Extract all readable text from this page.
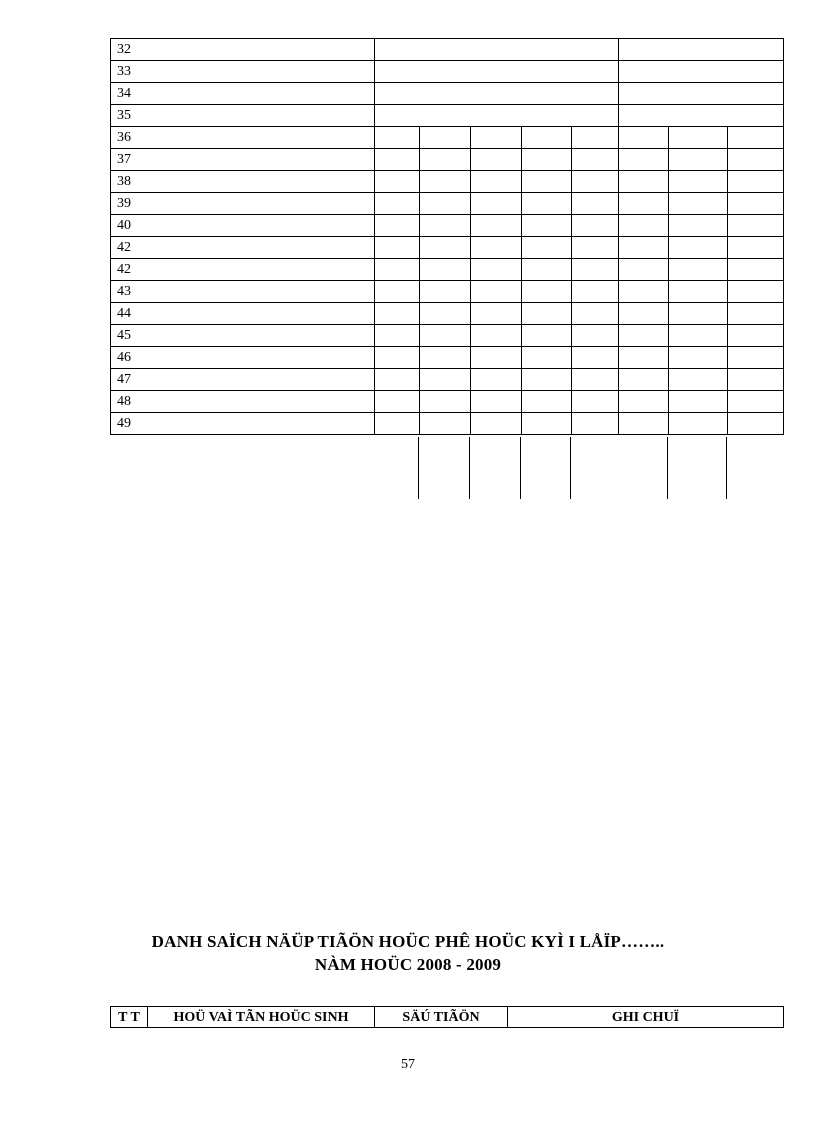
32								
33								
34								
35								
36								
37								
38								
39								
40								
42								
42								
43								
44								
45								
46								
47								
48								
49								
DANH SAÏCH NÄÜP TIÃÖN HOÜC PHÊ HOÜC KYÌ I LÅÏP……..
NÀM HOÜC 2008 - 2009
T T	HOÜ VAÌ TÃN HOÜC SINH	SÄÚ TIÃÖN	GHI CHUÏ
57
